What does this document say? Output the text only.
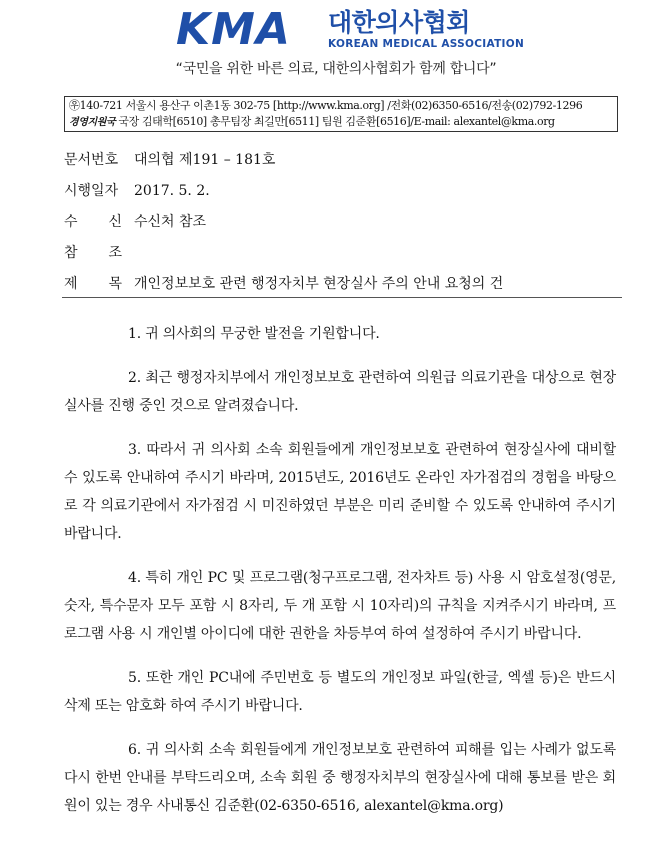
KMA 대한의사협회
KOREAN MEDICAL ASSOCIATION
“국민을 위한 바른 의료, 대한의사협회가 함께 합니다”
㉾140-721 서울시 용산구 이촌1동 302-75 [http://www.kma.org] /전화(02)6350-6516/전송(02)792-1296
경영지원국 국장 김태학[6510] 총무팀장 최길만[6511] 팀원 김준환[6516]/E-mail: alexantel@kma.org
문서번호	대의협 제191 – 181호
시행일자	2017. 5. 2.
수 신 수신처 참조
참 조
제 목 개인정보보호 관련 행정자치부 현장실사 주의 안내 요청의 건

1. 귀 의사회의 무궁한 발전을 기원합니다.

2. 최근 행정자치부에서 개인정보보호 관련하여 의원급 의료기관을 대상으로 현장실사를 진행 중인 것으로 알려졌습니다.

3. 따라서 귀 의사회 소속 회원들에게 개인정보보호 관련하여 현장실사에 대비할 수 있도록 안내하여 주시기 바라며, 2015년도, 2016년도 온라인 자가점검의 경험을 바탕으로 각 의료기관에서 자가점검 시 미진하였던 부분은 미리 준비할 수 있도록 안내하여 주시기 바랍니다.

4. 특히 개인 PC 및 프로그램(청구프로그램, 전자차트 등) 사용 시 암호설정(영문, 숫자, 특수문자 모두 포함 시 8자리, 두 개 포함 시 10자리)의 규칙을 지켜주시기 바라며, 프로그램 사용 시 개인별 아이디에 대한 권한을 차등부여 하여 설정하여 주시기 바랍니다.

5. 또한 개인 PC내에 주민번호 등 별도의 개인정보 파일(한글, 엑셀 등)은 반드시 삭제 또는 암호화 하여 주시기 바랍니다.

6. 귀 의사회 소속 회원들에게 개인정보보호 관련하여 피해를 입는 사례가 없도록 다시 한번 안내를 부탁드리오며, 소속 회원 중 행정자치부의 현장실사에 대해 통보를 받은 회원이 있는 경우 사내통신 김준환(02-6350-6516, alexantel@kma.org)
